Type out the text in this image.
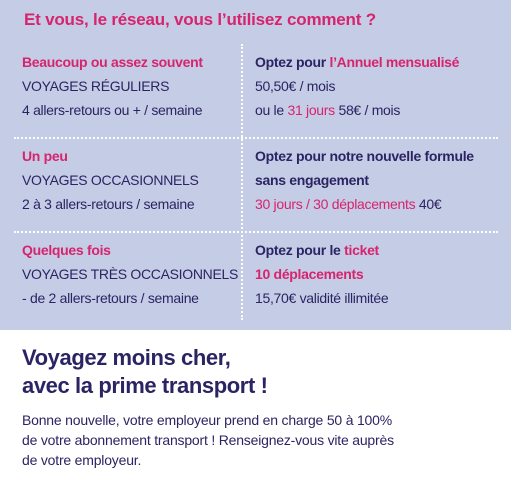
Et vous, le réseau, vous l’utilisez comment ?
Beaucoup ou assez souvent
VOYAGES RÉGULIERS
4 allers-retours ou + / semaine
Optez pour l’Annuel mensualisé
50,50€ / mois
ou le 31 jours 58€ / mois
Un peu
VOYAGES OCCASIONNELS
2 à 3 allers-retours / semaine
Optez pour notre nouvelle formule
sans engagement
30 jours / 30 déplacements 40€
Quelques fois
VOYAGES TRÈS OCCASIONNELS
- de 2 allers-retours / semaine
Optez pour le ticket
10 déplacements
15,70€ validité illimitée
Voyagez moins cher,
avec la prime transport !
Bonne nouvelle, votre employeur prend en charge 50 à 100%
de votre abonnement transport ! Renseignez-vous vite auprès
de votre employeur.
